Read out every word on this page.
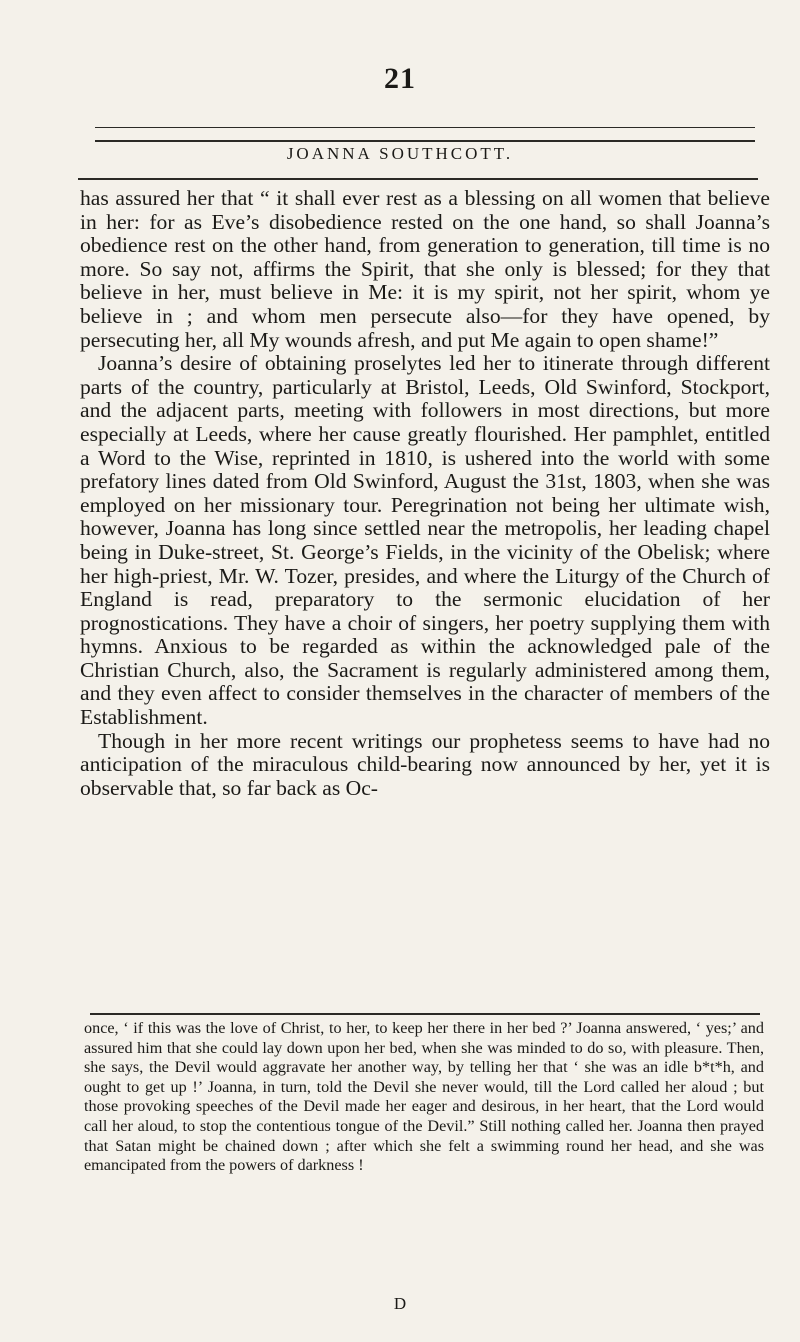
21
JOANNA SOUTHCOTT.

has assured her that “ it shall ever rest as a blessing on all women that believe in her: for as Eve’s disobedience rested on the one hand, so shall Joanna’s obedience rest on the other hand, from generation to generation, till time is no more. So say not, affirms the Spirit, that she only is blessed; for they that believe in her, must believe in Me: it is my spirit, not her spirit, whom ye believe in ; and whom men persecute also—for they have opened, by persecuting her, all My wounds afresh, and put Me again to open shame!”

Joanna’s desire of obtaining proselytes led her to itinerate through different parts of the country, particularly at Bristol, Leeds, Old Swinford, Stockport, and the adjacent parts, meeting with followers in most directions, but more especially at Leeds, where her cause greatly flourished. Her pamphlet, entitled a Word to the Wise, reprinted in 1810, is ushered into the world with some prefatory lines dated from Old Swinford, August the 31st, 1803, when she was employed on her missionary tour. Peregrination not being her ultimate wish, however, Joanna has long since settled near the metropolis, her leading chapel being in Duke-street, St. George’s Fields, in the vicinity of the Obelisk; where her high-priest, Mr. W. Tozer, presides, and where the Liturgy of the Church of England is read, preparatory to the sermonic elucidation of her prognostications. They have a choir of singers, her poetry supplying them with hymns. Anxious to be regarded as within the acknowledged pale of the Christian Church, also, the Sacrament is regularly administered among them, and they even affect to consider themselves in the character of members of the Establishment.

Though in her more recent writings our prophetess seems to have had no anticipation of the miraculous child-bearing now announced by her, yet it is observable that, so far back as Oc-

once, ‘ if this was the love of Christ, to her, to keep her there in her bed ?’ Joanna answered, ‘ yes;’ and assured him that she could lay down upon her bed, when she was minded to do so, with pleasure. Then, she says, the Devil would aggravate her another way, by telling her that ‘ she was an idle b*t*h, and ought to get up !’ Joanna, in turn, told the Devil she never would, till the Lord called her aloud ; but those provoking speeches of the Devil made her eager and desirous, in her heart, that the Lord would call her aloud, to stop the contentious tongue of the Devil.” Still nothing called her. Joanna then prayed that Satan might be chained down ; after which she felt a swimming round her head, and she was emancipated from the powers of darkness !
D
